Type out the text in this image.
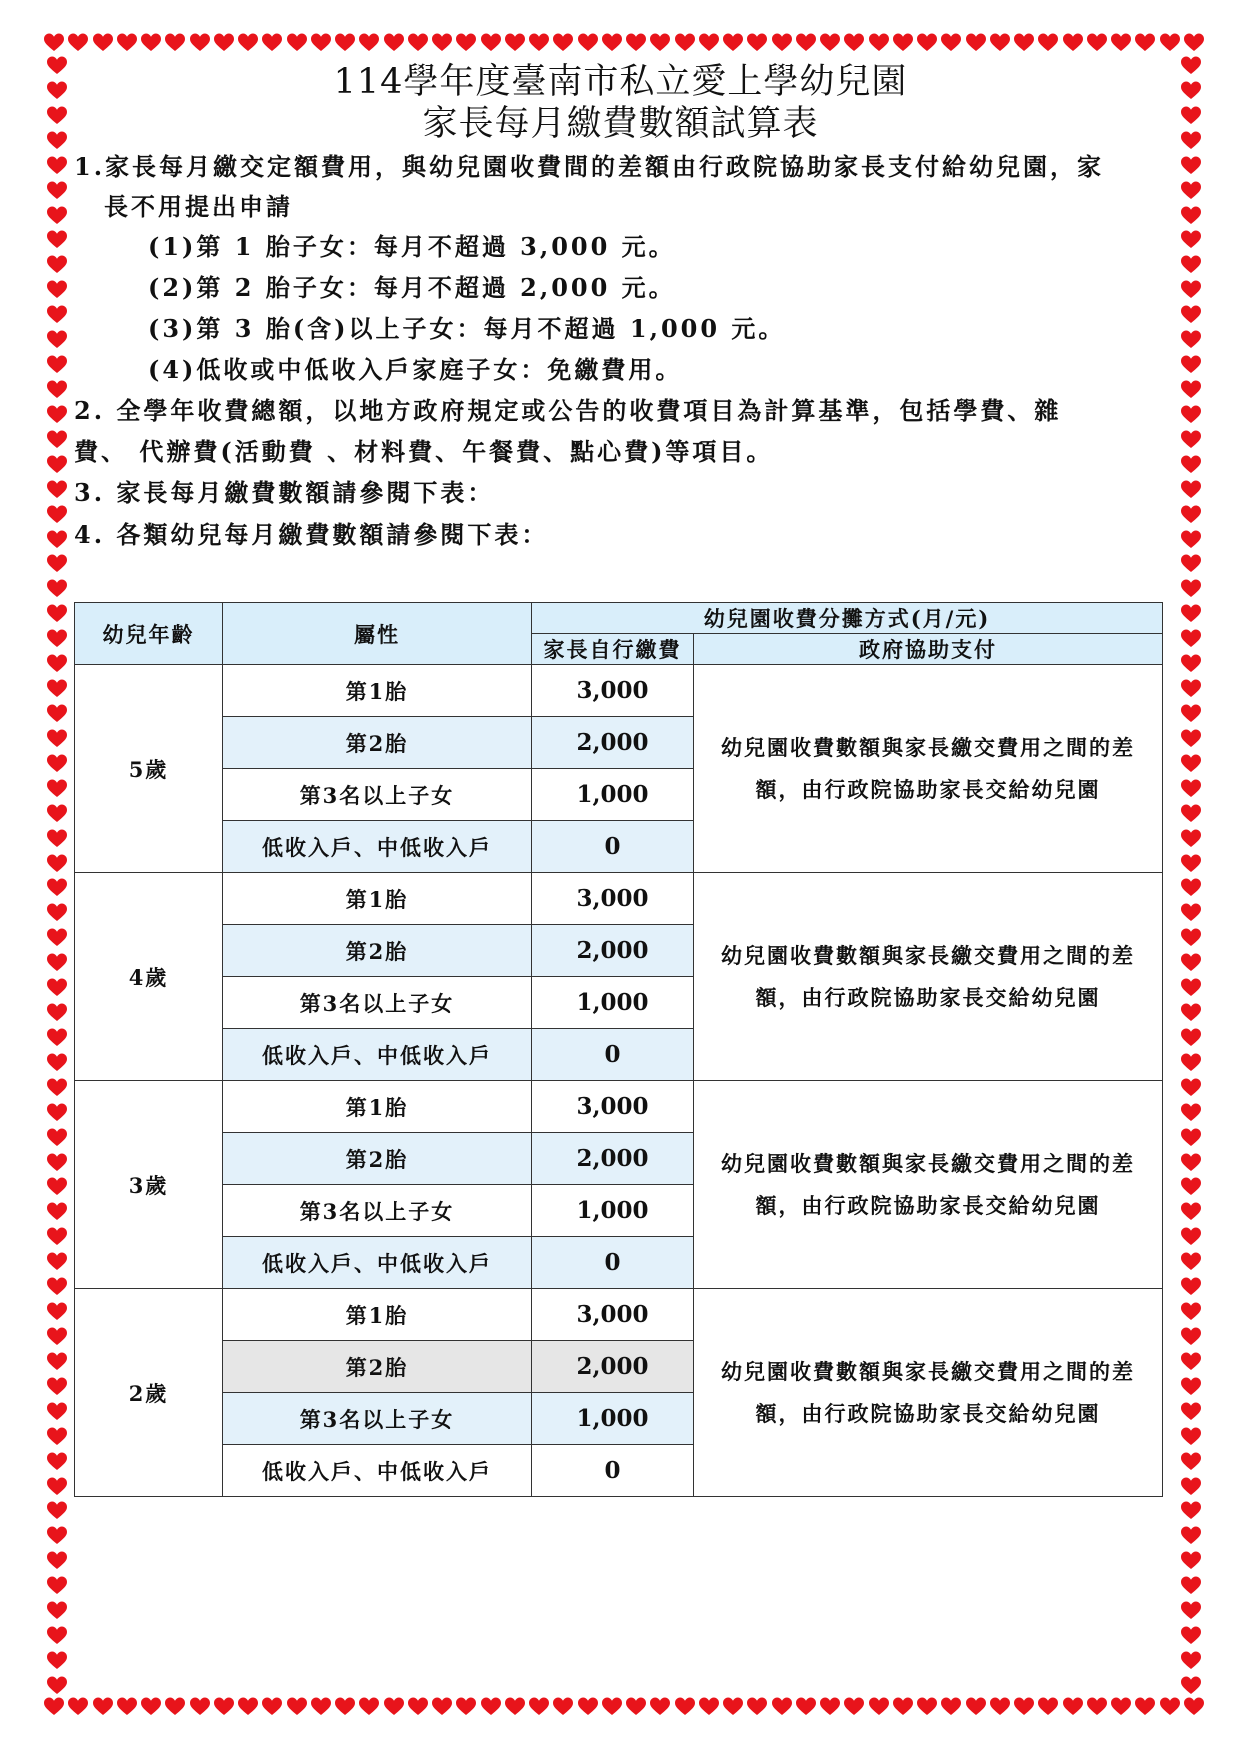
114學年度臺南市私立愛上學幼兒園
家長每月繳費數額試算表
1.家長每月繳交定額費用，與幼兒園收費間的差額由行政院協助家長支付給幼兒園，家
長不用提出申請
(1)第 1 胎子女：每月不超過 3,000 元。
(2)第 2 胎子女：每月不超過 2,000 元。
(3)第 3 胎(含)以上子女：每月不超過 1,000 元。
(4)低收或中低收入戶家庭子女：免繳費用。
2. 全學年收費總額，以地方政府規定或公告的收費項目為計算基準，包括學費、雜
費、 代辦費(活動費 、材料費、午餐費、點心費)等項目。
3. 家長每月繳費數額請參閱下表：
4. 各類幼兒每月繳費數額請參閱下表：
幼兒年齡	屬性	幼兒園收費分攤方式(月/元)	
		家長自行繳費	政府協助支付
5歲	第1胎	3,000	幼兒園收費數額與家長繳交費用之間的差
額，由行政院協助家長交給幼兒園

	第2胎	2,000	
	第3名以上子女	1,000	
	低收入戶、中低收入戶	0	
4歲	第1胎	3,000	幼兒園收費數額與家長繳交費用之間的差
額，由行政院協助家長交給幼兒園

	第2胎	2,000	
	第3名以上子女	1,000	
	低收入戶、中低收入戶	0	
3歲	第1胎	3,000	幼兒園收費數額與家長繳交費用之間的差
額，由行政院協助家長交給幼兒園

	第2胎	2,000	
	第3名以上子女	1,000	
	低收入戶、中低收入戶	0	
2歲	第1胎	3,000	幼兒園收費數額與家長繳交費用之間的差
額，由行政院協助家長交給幼兒園

	第2胎	2,000	
	第3名以上子女	1,000	
	低收入戶、中低收入戶	0	
